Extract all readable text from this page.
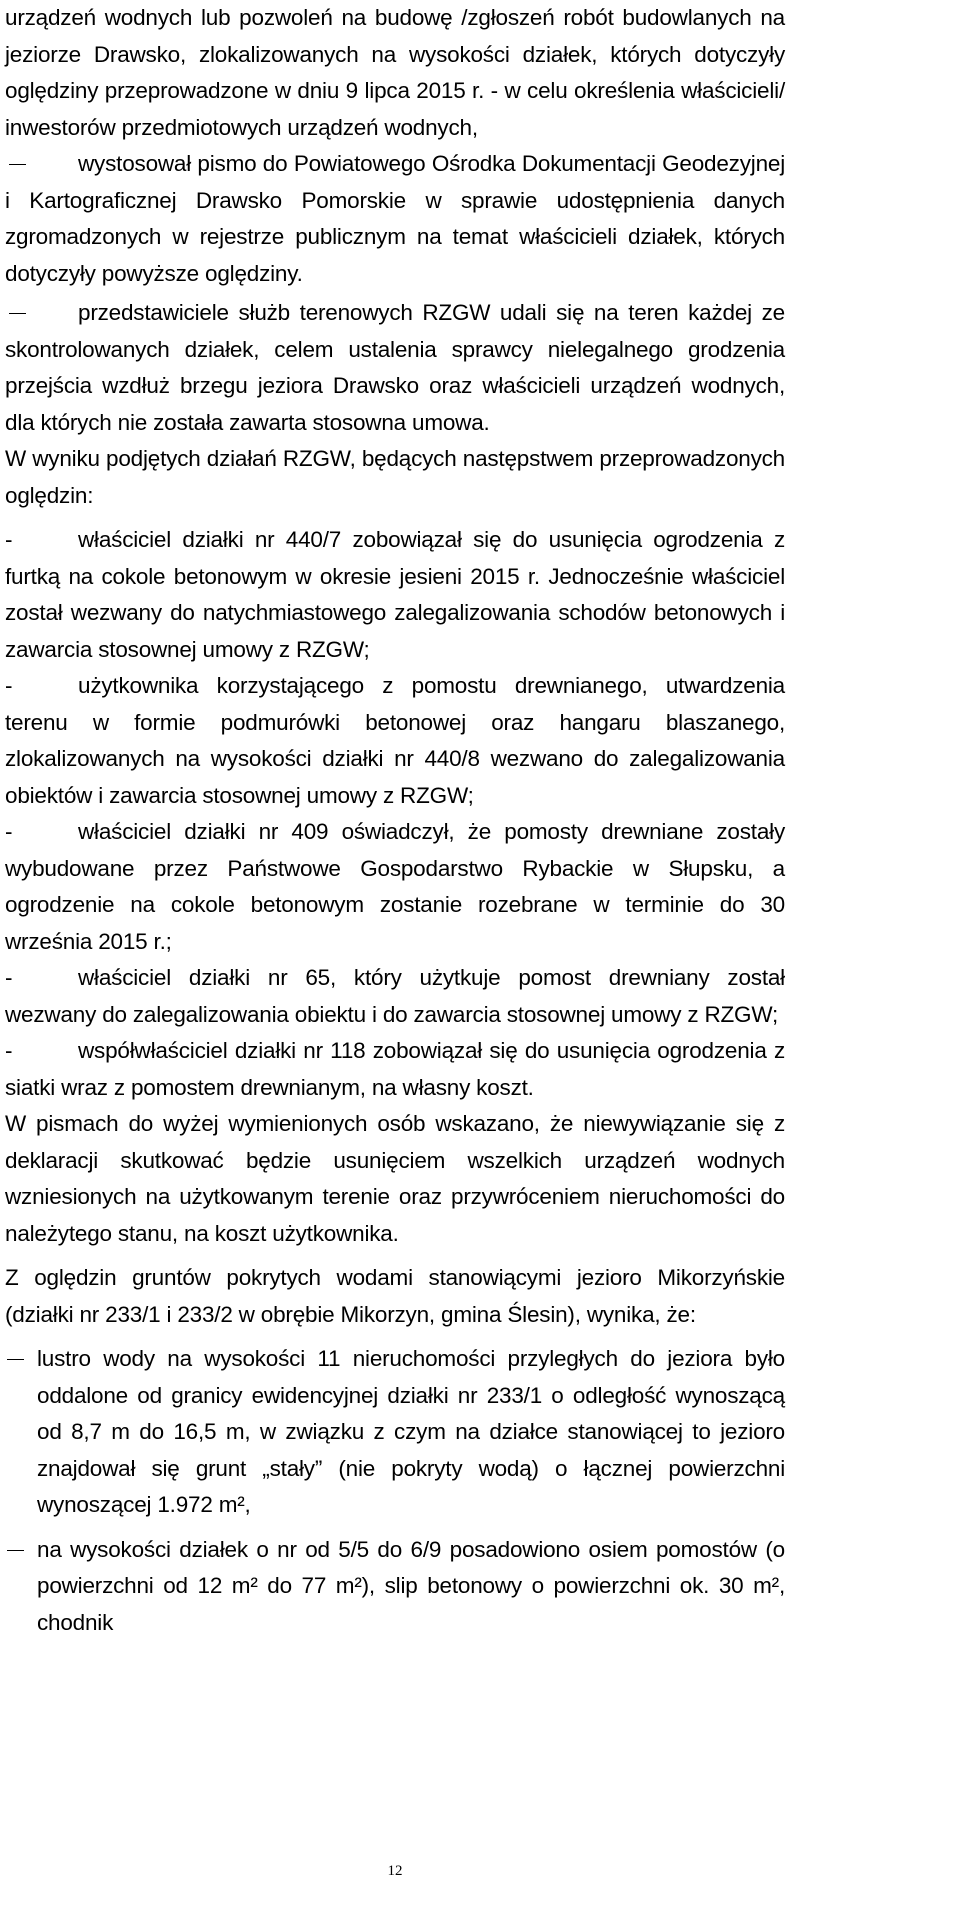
urządzeń wodnych lub pozwoleń na budowę /zgłoszeń robót budowlanych na jeziorze Drawsko, zlokalizowanych na wysokości działek, których dotyczyły oględziny przeprowadzone w dniu 9 lipca 2015 r. - w celu określenia właścicieli/ inwestorów przedmiotowych urządzeń wodnych,

wystosował pismo do Powiatowego Ośrodka Dokumentacji Geodezyjnej i Kartograficznej Drawsko Pomorskie w sprawie udostępnienia danych zgromadzonych w rejestrze publicznym na temat właścicieli działek, których dotyczyły powyższe oględziny.
przedstawiciele służb terenowych RZGW udali się na teren każdej ze skontrolowanych działek, celem ustalenia sprawcy nielegalnego grodzenia przejścia wzdłuż brzegu jeziora Drawsko oraz właścicieli urządzeń wodnych, dla których nie została zawarta stosowna umowa.

W wyniku podjętych działań RZGW, będących następstwem przeprowadzonych oględzin:

-	właściciel działki nr 440/7 zobowiązał się do usunięcia ogrodzenia z furtką na cokole betonowym w okresie jesieni 2015 r. Jednocześnie właściciel został wezwany do natychmiastowego zalegalizowania schodów betonowych i zawarcia stosownej umowy z RZGW;
-	użytkownika korzystającego z pomostu drewnianego, utwardzenia terenu w formie podmurówki betonowej oraz hangaru blaszanego, zlokalizowanych na wysokości działki nr 440/8 wezwano do zalegalizowania obiektów i zawarcia stosownej umowy z RZGW;
-	właściciel działki nr 409 oświadczył, że pomosty drewniane zostały wybudowane przez Państwowe Gospodarstwo Rybackie w Słupsku, a ogrodzenie na cokole betonowym zostanie rozebrane w terminie do 30 września 2015 r.;
-	właściciel działki nr 65, który użytkuje pomost drewniany został wezwany do zalegalizowania obiektu i do zawarcia stosownej umowy z RZGW;
-	współwłaściciel działki nr 118 zobowiązał się do usunięcia ogrodzenia z siatki wraz z pomostem drewnianym, na własny koszt.

W pismach do wyżej wymienionych osób wskazano, że niewywiązanie się z deklaracji skutkować będzie usunięciem wszelkich urządzeń wodnych wzniesionych na użytkowanym terenie oraz przywróceniem nieruchomości do należytego stanu, na koszt użytkownika.

Z oględzin gruntów pokrytych wodami stanowiącymi jezioro Mikorzyńskie (działki nr 233/1 i 233/2 w obrębie Mikorzyn, gmina Ślesin), wynika, że:

lustro wody na wysokości 11 nieruchomości przyległych do jeziora było oddalone od granicy ewidencyjnej działki nr 233/1 o odległość wynoszącą od 8,7 m do 16,5 m, w związku z czym na działce stanowiącej to jezioro znajdował się grunt „stały” (nie pokryty wodą) o łącznej powierzchni wynoszącej 1.972 m²,
na wysokości działek o nr od 5/5 do 6/9 posadowiono osiem pomostów (o powierzchni od 12 m² do 77 m²), slip betonowy o powierzchni ok. 30 m², chodnik
12
